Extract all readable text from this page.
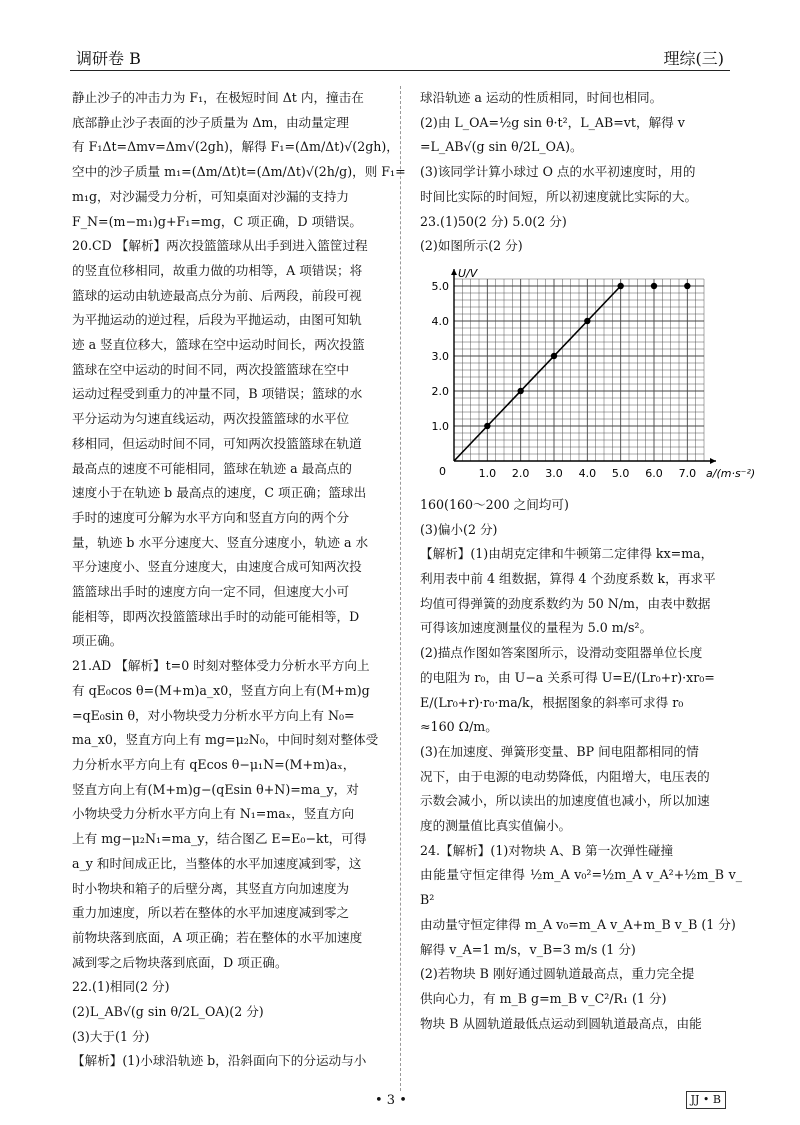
调研卷 B	理综(三)

静止沙子的冲击力为 F₁，在极短时间 Δt 内，撞击在

底部静止沙子表面的沙子质量为 Δm，由动量定理

有 F₁Δt=Δmv=Δm√(2gh)，解得 F₁=(Δm/Δt)√(2gh)，

空中的沙子质量 m₁=(Δm/Δt)t=(Δm/Δt)√(2h/g)，则 F₁=

m₁g，对沙漏受力分析，可知桌面对沙漏的支持力

F_N=(m−m₁)g+F₁=mg，C 项正确，D 项错误。

20.CD 【解析】两次投篮篮球从出手到进入篮筐过程

的竖直位移相同，故重力做的功相等，A 项错误；将

篮球的运动由轨迹最高点分为前、后两段，前段可视

为平抛运动的逆过程，后段为平抛运动，由图可知轨

迹 a 竖直位移大，篮球在空中运动时间长，两次投篮

篮球在空中运动的时间不同，两次投篮篮球在空中

运动过程受到重力的冲量不同，B 项错误；篮球的水

平分运动为匀速直线运动，两次投篮篮球的水平位

移相同，但运动时间不同，可知两次投篮篮球在轨道

最高点的速度不可能相同，篮球在轨迹 a 最高点的

速度小于在轨迹 b 最高点的速度，C 项正确；篮球出

手时的速度可分解为水平方向和竖直方向的两个分

量，轨迹 b 水平分速度大、竖直分速度小，轨迹 a 水

平分速度小、竖直分速度大，由速度合成可知两次投

篮篮球出手时的速度方向一定不同，但速度大小可

能相等，即两次投篮篮球出手时的动能可能相等，D

项正确。

21.AD 【解析】t=0 时刻对整体受力分析水平方向上

有 qE₀cos θ=(M+m)a_x0，竖直方向上有(M+m)g

=qE₀sin θ，对小物块受力分析水平方向上有 N₀=

ma_x0，竖直方向上有 mg=μ₂N₀，中间时刻对整体受

力分析水平方向上有 qEcos θ−μ₁N=(M+m)aₓ，

竖直方向上有(M+m)g−(qEsin θ+N)=ma_y，对

小物块受力分析水平方向上有 N₁=maₓ，竖直方向

上有 mg−μ₂N₁=ma_y，结合图乙 E=E₀−kt，可得

a_y 和时间成正比，当整体的水平加速度减到零，这

时小物块和箱子的后壁分离，其竖直方向加速度为

重力加速度，所以若在整体的水平加速度减到零之

前物块落到底面，A 项正确；若在整体的水平加速度

减到零之后物块落到底面，D 项正确。

22.(1)相同(2 分)

(2)L_AB√(g sin θ/2L_OA)(2 分)

(3)大于(1 分)

【解析】(1)小球沿轨迹 b，沿斜面向下的分运动与小

球沿轨迹 a 运动的性质相同，时间也相同。

(2)由 L_OA=½g sin θ·t²，L_AB=vt，解得 v

=L_AB√(g sin θ/2L_OA)。

(3)该同学计算小球过 O 点的水平初速度时，用的

时间比实际的时间短，所以初速度就比实际的大。

23.(1)50(2 分) 5.0(2 分)

(2)如图所示(2 分)

1.0 2.0 3.0 4.0 5.0 6.0 7.0
1.0
2.0
3.0
4.0
5.0
0
U/V
a/(m·s⁻²)

160(160～200 之间均可)

(3)偏小(2 分)

【解析】(1)由胡克定律和牛顿第二定律得 kx=ma，

利用表中前 4 组数据，算得 4 个劲度系数 k，再求平

均值可得弹簧的劲度系数约为 50 N/m，由表中数据

可得该加速度测量仪的量程为 5.0 m/s²。

(2)描点作图如答案图所示，设滑动变阻器单位长度

的电阻为 r₀，由 U−a 关系可得 U=E/(Lr₀+r)·xr₀=

E/(Lr₀+r)·r₀·ma/k，根据图象的斜率可求得 r₀

≈160 Ω/m。

(3)在加速度、弹簧形变量、BP 间电阻都相同的情

况下，由于电源的电动势降低，内阻增大，电压表的

示数会减小，所以读出的加速度值也减小，所以加速

度的测量值比真实值偏小。

24.【解析】(1)对物块 A、B 第一次弹性碰撞

由能量守恒定律得 ½m_A v₀²=½m_A v_A²+½m_B v_B²

由动量守恒定律得 m_A v₀=m_A v_A+m_B v_B (1 分)

解得 v_A=1 m/s，v_B=3 m/s (1 分)

(2)若物块 B 刚好通过圆轨道最高点，重力完全提

供向心力，有 m_B g=m_B v_C²/R₁ (1 分)

物块 B 从圆轨道最低点运动到圆轨道最高点，由能

• 3 •	JJ • B
